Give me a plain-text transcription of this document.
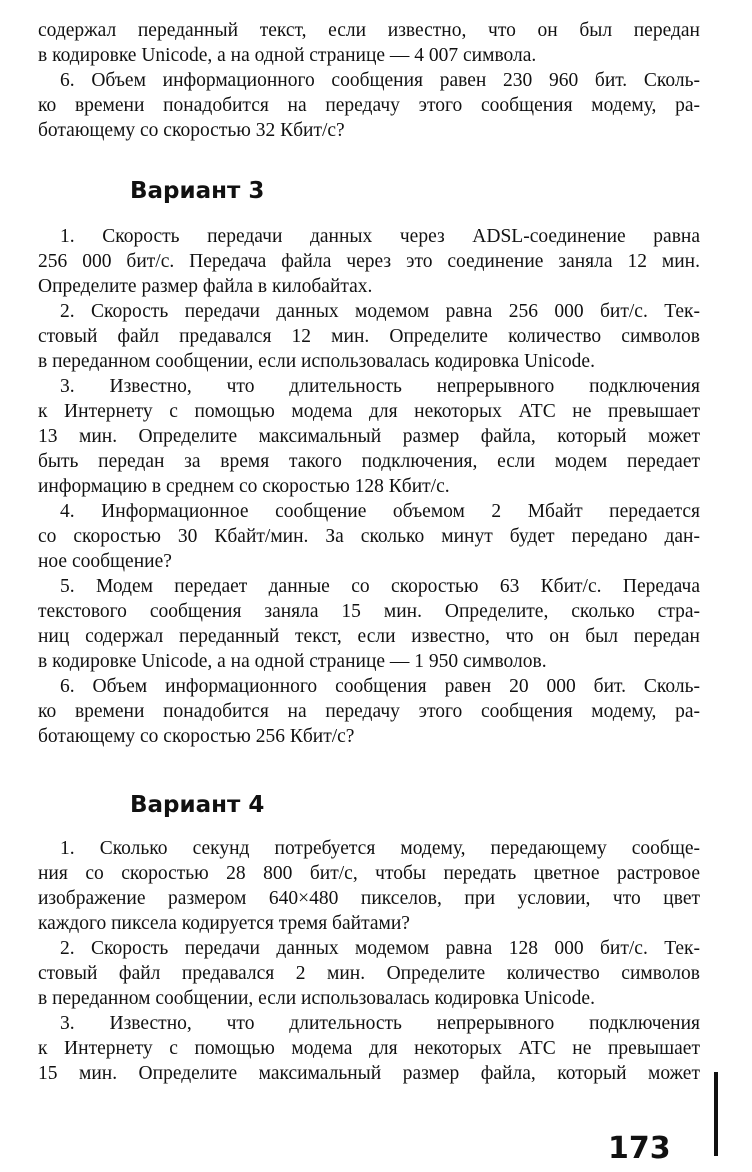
содержал переданный текст, если известно, что он был передан
в кодировке Unicode, а на одной странице — 4 007 символа.
6. Объем информационного сообщения равен 230 960 бит. Сколь-
ко времени понадобится на передачу этого сообщения модему, ра-
ботающему со скоростью 32 Кбит/с?
Вариант 3
1. Скорость передачи данных через ADSL-соединение равна
256 000 бит/с. Передача файла через это соединение заняла 12 мин.
Определите размер файла в килобайтах.
2. Скорость передачи данных модемом равна 256 000 бит/с. Тек-
стовый файл предавался 12 мин. Определите количество символов
в переданном сообщении, если использовалась кодировка Unicode.
3. Известно, что длительность непрерывного подключения
к Интернету с помощью модема для некоторых АТС не превышает
13 мин. Определите максимальный размер файла, который может
быть передан за время такого подключения, если модем передает
информацию в среднем со скоростью 128 Кбит/с.
4. Информационное сообщение объемом 2 Мбайт передается
со скоростью 30 Кбайт/мин. За сколько минут будет передано дан-
ное сообщение?
5. Модем передает данные со скоростью 63 Кбит/с. Передача
текстового сообщения заняла 15 мин. Определите, сколько стра-
ниц содержал переданный текст, если известно, что он был передан
в кодировке Unicode, а на одной странице — 1 950 символов.
6. Объем информационного сообщения равен 20 000 бит. Сколь-
ко времени понадобится на передачу этого сообщения модему, ра-
ботающему со скоростью 256 Кбит/с?
Вариант 4
1. Сколько секунд потребуется модему, передающему сообще-
ния со скоростью 28 800 бит/с, чтобы передать цветное растровое
изображение размером 640×480 пикселов, при условии, что цвет
каждого пиксела кодируется тремя байтами?
2. Скорость передачи данных модемом равна 128 000 бит/с. Тек-
стовый файл предавался 2 мин. Определите количество символов
в переданном сообщении, если использовалась кодировка Unicode.
3. Известно, что длительность непрерывного подключения
к Интернету с помощью модема для некоторых АТС не превышает
15 мин. Определите максимальный размер файла, который может
173
